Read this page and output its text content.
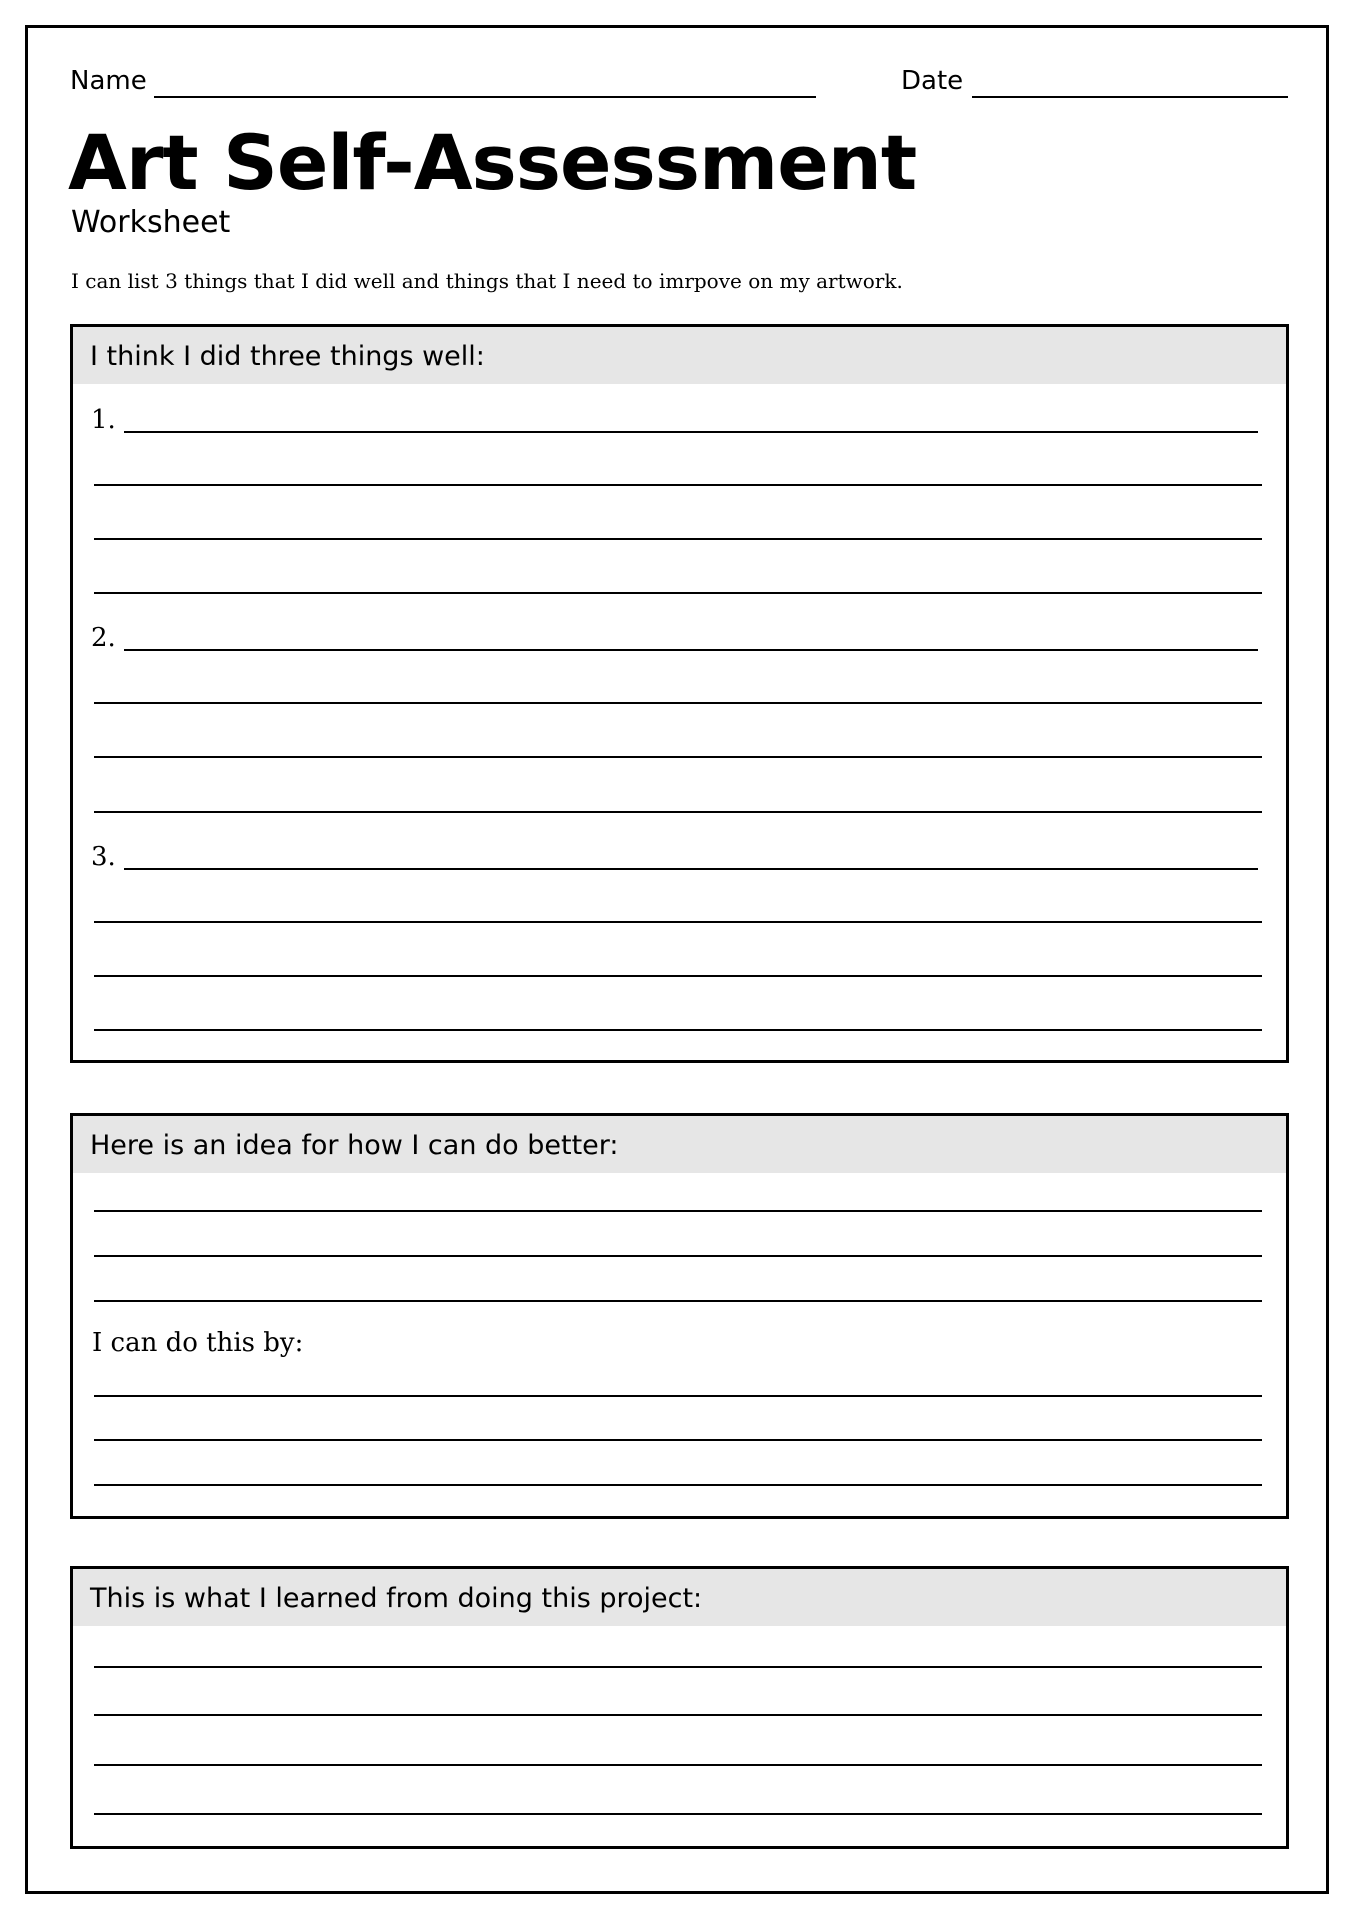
Name	Date
Art Self-Assessment
Worksheet
I can list 3 things that I did well and things that I need to imrpove on my artwork.
I think I did three things well:
1.
2.
3.
Here is an idea for how I can do better:
I can do this by:
This is what I learned from doing this project:
